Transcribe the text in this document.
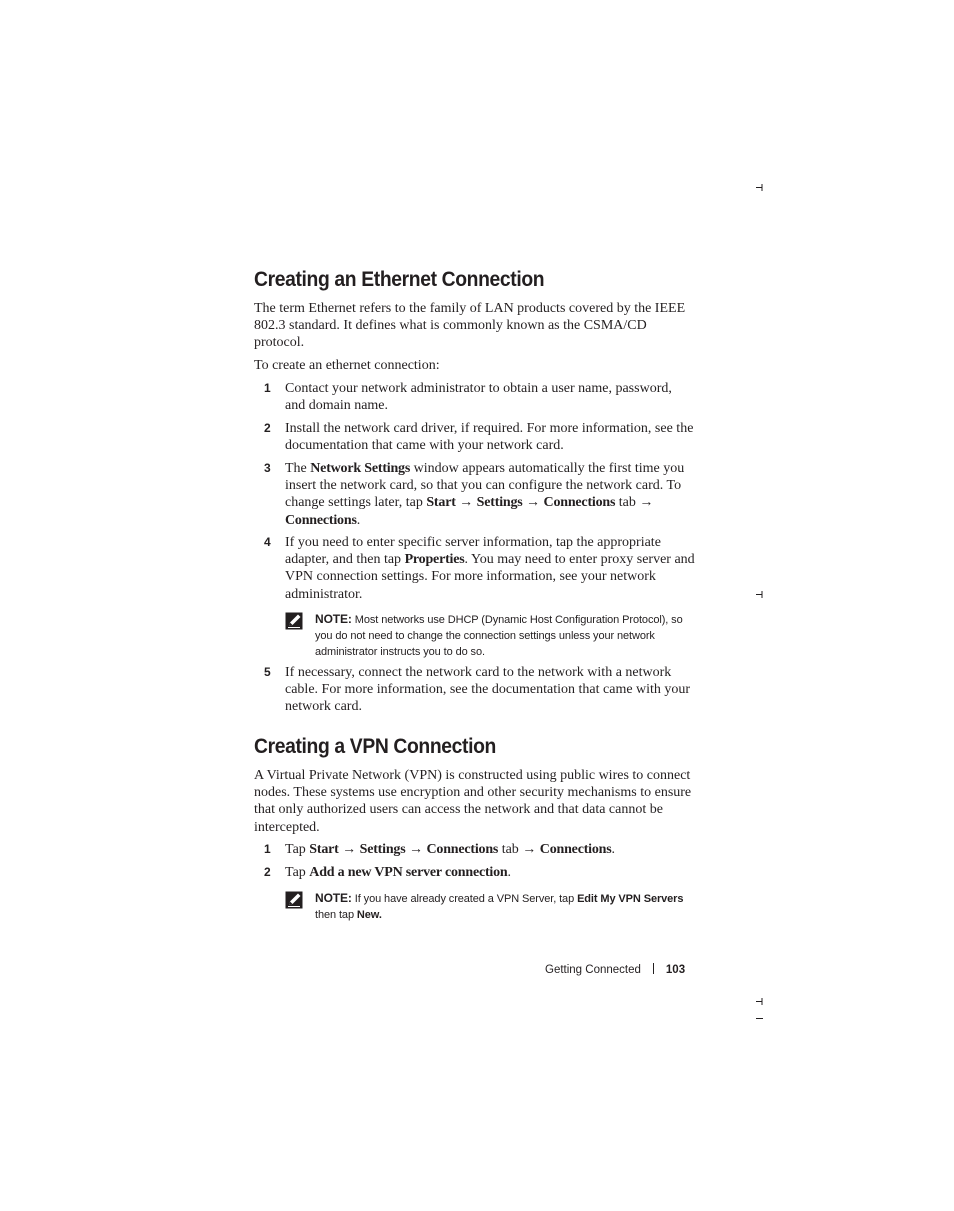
Creating an Ethernet Connection

The term Ethernet refers to the family of LAN products covered by the IEEE 802.3 standard. It defines what is commonly known as the CSMA/CD protocol.

To create an ethernet connection:

1 Contact your network administrator to obtain a user name, password, and domain name.
2 Install the network card driver, if required. For more information, see the documentation that came with your network card.
3 The Network Settings window appears automatically the first time you insert the network card, so that you can configure the network card. To change settings later, tap Start → Settings → Connections tab → Connections.
4 If you need to enter specific server information, tap the appropriate adapter, and then tap Properties. You may need to enter proxy server and VPN connection settings. For more information, see your network administrator.
NOTE: Most networks use DHCP (Dynamic Host Configuration Protocol), so you do not need to change the connection settings unless your network administrator instructs you to do so.
5 If necessary, connect the network card to the network with a network cable. For more information, see the documentation that came with your network card.
Creating a VPN Connection

A Virtual Private Network (VPN) is constructed using public wires to connect nodes. These systems use encryption and other security mechanisms to ensure that only authorized users can access the network and that data cannot be intercepted.

1 Tap Start → Settings → Connections tab → Connections.
2 Tap Add a new VPN server connection.
NOTE: If you have already created a VPN Server, tap Edit My VPN Servers then tap New.
Getting Connected 103
